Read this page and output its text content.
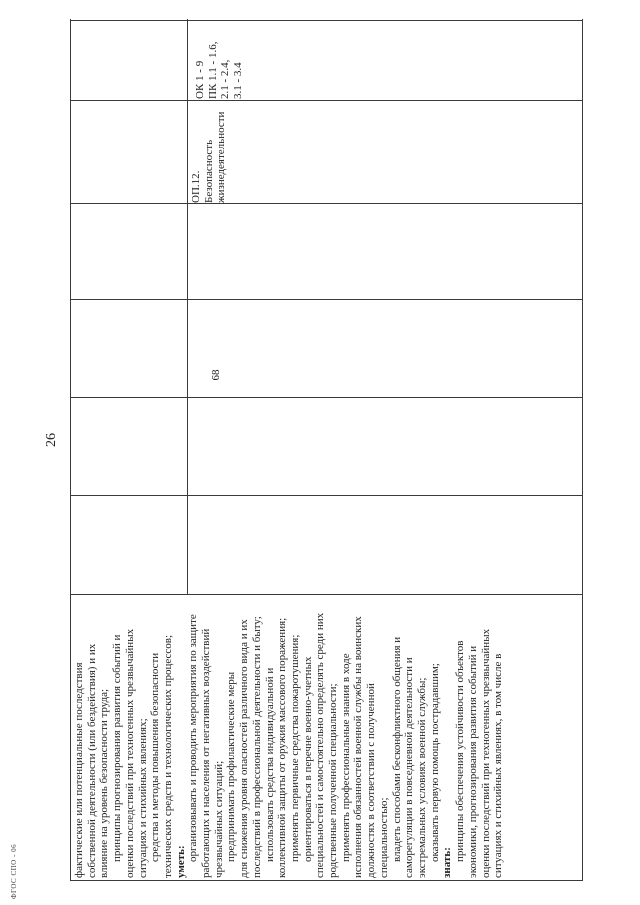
26
фактические или потенциальные последствия собственной деятельности (или бездействия) и их влияние на уровень безопасности труда; принципы прогнозирования развития событий и оценки последствий при техногенных чрезвычайных ситуациях и стихийных явлениях; средства и методы повышения безопасности технических средств и технологических процессов; уметь: организовывать и проводить мероприятия по защите работающих и населения от негативных воздействий чрезвычайных ситуаций; предпринимать профилактические меры для снижения уровня опасностей различного вида и их последствий в профессиональной деятельности и быту; использовать средства индивидуальной и коллективной защиты от оружия массового поражения; применять первичные средства пожаротушения; ориентироваться в перечне военно-учетных специальностей и самостоятельно определять среди них родственные полученной специальности; применять профессиональные знания в ходе исполнения обязанностей военной службы на воинских должностях в соответствии с полученной специальностью; владеть способами бесконфликтного общения и саморегуляции в повседневной деятельности и экстремальных условиях военной службы; оказывать первую помощь пострадавшим;
знать:
принципы обеспечения устойчивости объектов экономики, прогнозирования развития событий и оценки последствий при техногенных чрезвычайных ситуациях и стихийных явлениях, в том числе в
68
ОП.12. Безопасность жизнедеятельности
ОК 1 - 9 ПК 1.1 - 1.6, 2.1 - 2.4, 3.1 - 3.4
ФГОС СПО - 06
